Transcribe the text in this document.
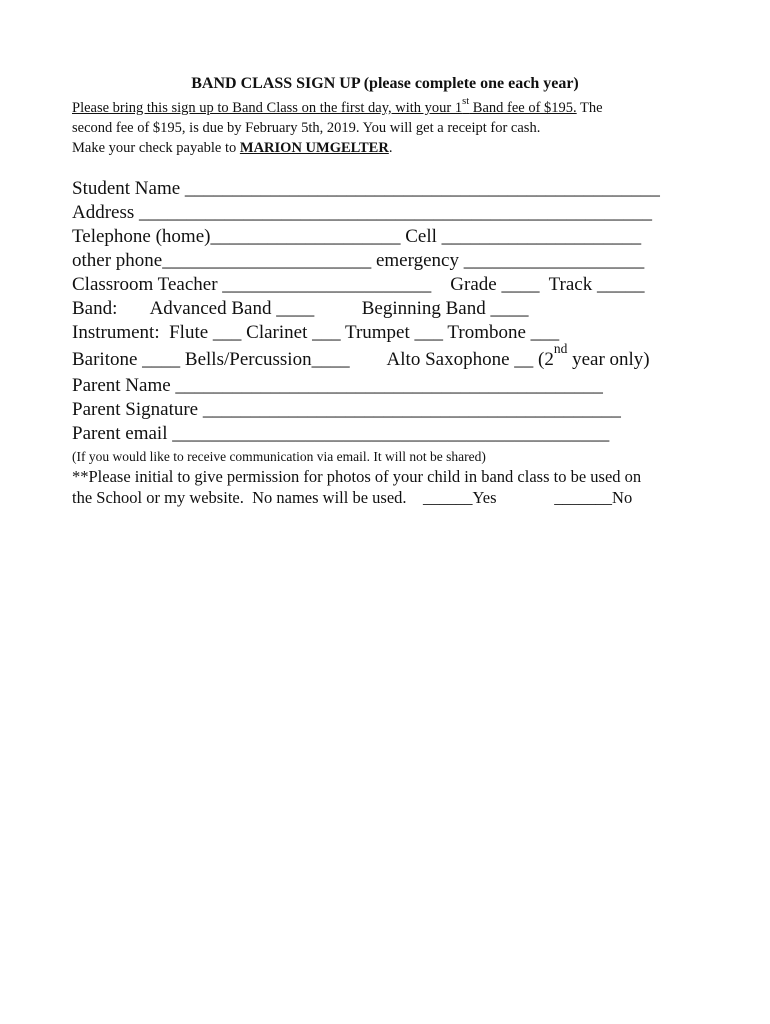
BAND CLASS SIGN UP (please complete one each year)
Please bring this sign up to Band Class on the first day, with your 1st Band fee of $195. The
second fee of $195, is due by February 5th, 2019. You will get a receipt for cash.
Make your check payable to MARION UMGELTER.
Student Name __________________________________________________
Address ______________________________________________________
Telephone (home)____________________ Cell _____________________
other phone______________________ emergency ___________________
Classroom Teacher ______________________    Grade ____  Track _____
Band:       Advanced Band ____          Beginning Band ____
Instrument:  Flute ___ Clarinet ___ Trumpet ___ Trombone ___
Baritone ____ Bells/Percussion____        Alto Saxophone __ (2nd year only)
Parent Name _____________________________________________
Parent Signature ____________________________________________
Parent email ______________________________________________
(If you would like to receive communication via email. It will not be shared)
**Please initial to give permission for photos of your child in band class to be used on
the School or my website.  No names will be used.    ______Yes              _______No
